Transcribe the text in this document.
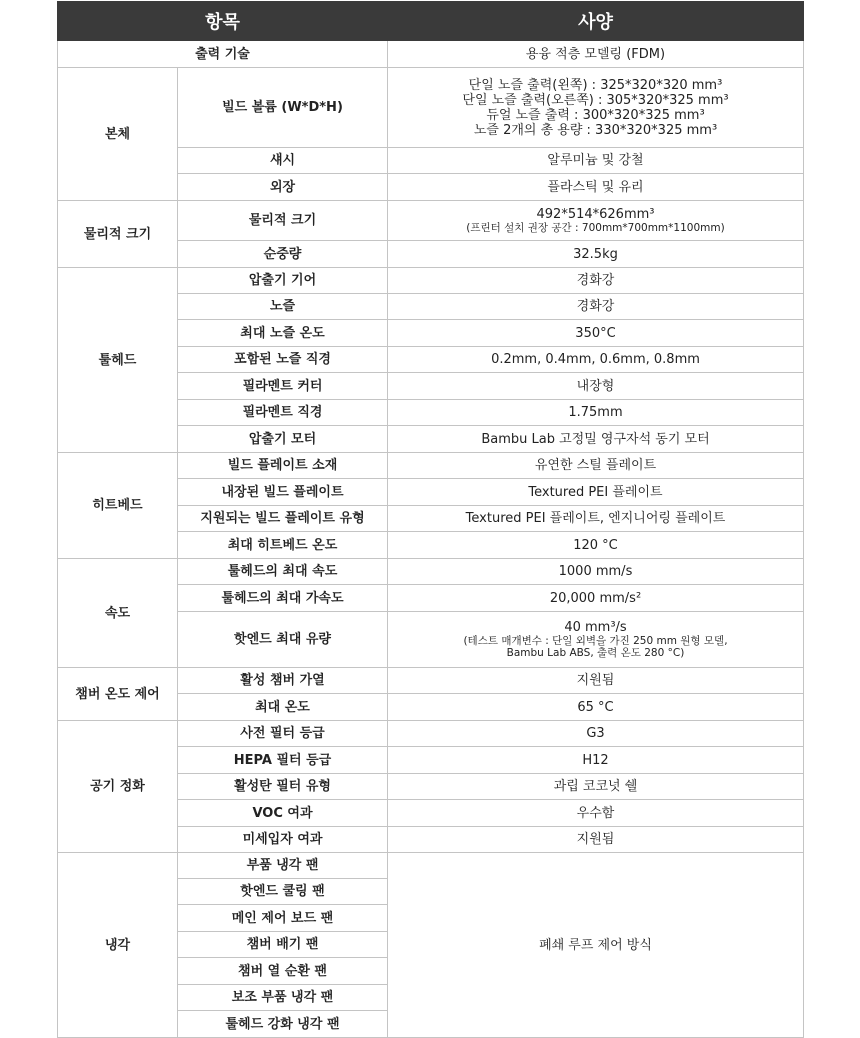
항목		사양
출력 기술		용융 적층 모델링 (FDM)
본체	빌드 볼륨 (W*D*H)	단일 노즐 출력(왼쪽) : 325*320*320 mm³
단일 노즐 출력(오른쪽) : 305*320*325 mm³
듀얼 노즐 출력 : 300*320*325 mm³
노즐 2개의 총 용량 : 330*320*325 mm³

	섀시	알루미늄 및 강철
	외장	플라스틱 및 유리
물리적 크기	물리적 크기	492*514*626mm³
(프린터 설치 권장 공간 : 700mm*700mm*1100mm)

	순중량	32.5kg
툴헤드	압출기 기어	경화강
	노즐	경화강
	최대 노즐 온도	350°C
	포함된 노즐 직경	0.2mm, 0.4mm, 0.6mm, 0.8mm
	필라멘트 커터	내장형
	필라멘트 직경	1.75mm
	압출기 모터	Bambu Lab 고정밀 영구자석 동기 모터
히트베드	빌드 플레이트 소재	유연한 스틸 플레이트
	내장된 빌드 플레이트	Textured PEI 플레이트
	지원되는 빌드 플레이트 유형	Textured PEI 플레이트, 엔지니어링 플레이트
	최대 히트베드 온도	120 °C
속도	툴헤드의 최대 속도	1000 mm/s
	툴헤드의 최대 가속도	20,000 mm/s²
	핫엔드 최대 유량	40 mm³/s
(테스트 매개변수 : 단일 외벽을 가진 250 mm 원형 모델,
Bambu Lab ABS, 출력 온도 280 °C)

챔버 온도 제어	활성 챔버 가열	지원됨
	최대 온도	65 °C
공기 정화	사전 필터 등급	G3
	HEPA 필터 등급	H12
	활성탄 필터 유형	과립 코코넛 쉘
	VOC 여과	우수함
	미세입자 여과	지원됨
냉각	부품 냉각 팬	폐쇄 루프 제어 방식
	핫엔드 쿨링 팬	
	메인 제어 보드 팬	
	챔버 배기 팬	
	챔버 열 순환 팬	
	보조 부품 냉각 팬	
	툴헤드 강화 냉각 팬	
